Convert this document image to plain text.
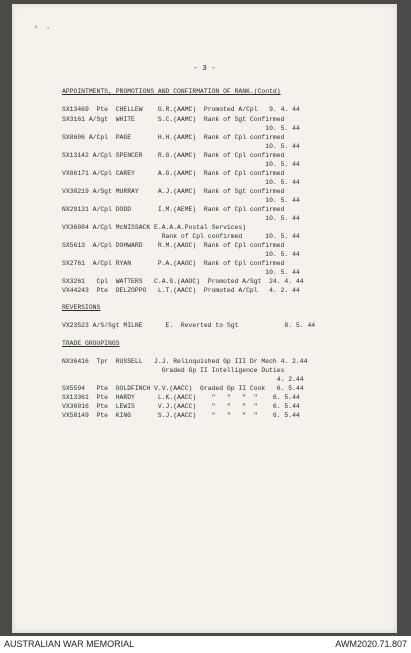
‘ .
- 3 -
APPOINTMENTS, PROMOTIONS AND CONFIRMATION OF RANK.(Contd)
SX13469  Pte  CHELLEW    G.R.(AAMC)  Promoted A/Cpl   9. 4. 44
SX3161 A/Sgt  WHITE      S.C.(AAMC)  Rank of Sgt Confirmed
10. 5. 44
SX8606 A/Cpl  PAGE       H.H.(AAMC)  Rank of Cpl confirmed
10. 5. 44
SX13142 A/Cpl SPENCER    R.G.(AAMC)  Rank of Cpl confirmed
10. 5. 44
VX86171 A/Cpl CAREY      A.G.(AAMC)  Rank of Cpl confirmed
10. 5. 44
VX38219 A/Sgt MURRAY     A.J.(AAMC)  Rank of Sgt confirmed
10. 5. 44
NX29131 A/Cpl DODD       I.M.(AEME)  Rank of Cpl confirmed
10. 5. 44
VX36084 A/Cpl McNISSACK E.A.A.A.Postal Services)
Rank of Cpl confirmed      10. 5. 44
SX5613  A/Cpl DOHWARD    R.M.(AAOC)  Rank of Cpl confirmed
10. 5. 44
SX2761  A/Cpl RYAN       P.A.(AAOC)  Rank of Cpl confirmed
10. 5. 44
SX3261   Cpl  WATTERS   C.A.G.(AAOC)  Promoted A/Sgt  24. 4. 44
VX44243  Pte  DELZOPPO   L.T.(AACC)  Promoted A/Cpl   4. 2. 44
REVERSIONS
VX23523 A/S/Sgt MILNE      E.  Reverted to Sgt            8. 5. 44
TRADE GROUPINGS
NX36416  Tpr  RUSSELL   J.J. Relinquished Gp III Dr Mech 4. 2.44
Graded Gp II Intelligence Duties
4. 2.44
SX5594   Pte  GOLDFINCH V.V.(AACC)  Graded Gp II Cook   6. 5.44
SX13361  Pte  HARDY      L.K.(AACC)    "   "   "  "    6. 5.44
VX36016  Pte  LEWIS      V.J.(AACC)    "   "   "  "    6. 5.44
VX58149  Pte  KING       S.J.(AACC)    "   "   "  "    6. 5.44
AUSTRALIAN WAR MEMORIAL	AWM2020.71.807
